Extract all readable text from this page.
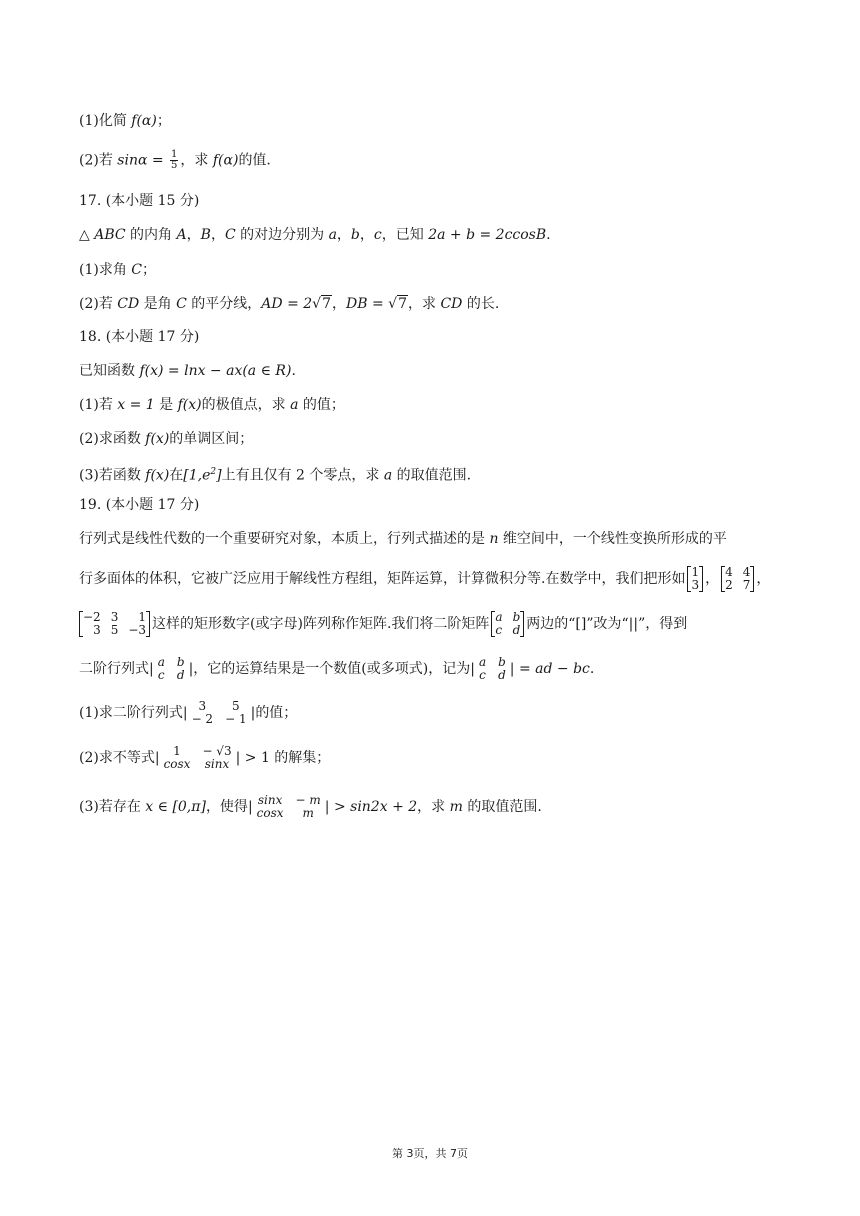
(1)化简 f(α)；
(2)若 $\sin\alpha = \frac{1}{5}$ ，求 f(α)的值.
17. (本小题 15 分)
△ ABC 的内角 A，B，C 的对边分别为 a，b，c，已知 2a + b = 2ccosB.
(1)求角 C；
(2)若 CD 是角 C 的平分线，AD = 2√7，DB = √7，求 CD 的长.
18. (本小题 17 分)
已知函数 f(x) = lnx − ax(a ∈ R).
(1)若 x = 1 是 f(x)的极值点，求 a 的值；
(2)求函数 f(x)的单调区间；
(3)若函数 f(x)在$[1,e^2]$上有且仅有 2 个零点，求 a 的取值范围.
19. (本小题 17 分)
行列式是线性代数的一个重要研究对象，本质上，行列式描述的是 n 维空间中，一个线性变换所形成的平
行多面体的体积，它被广泛应用于解线性方程组，矩阵运算，计算微积分等.在数学中，我们把形如 1
3 ， 4 4
2 7 ，
−2 3	1
3 5 −3 这样的矩形数字(或字母)阵列称作矩阵.我们将二阶矩阵 a b
c d 两边的“[]”改为“||”，得到
二阶行列式| a b
c d |，它的运算结果是一个数值(或多项式)，记为| a b
c d | = ad − bc.
(1)求二阶行列式| 3	5
− 2 − 1 |的值；
(2)求不等式|	1	− √3
cosx sinx | > 1 的解集；
(3)若存在 x ∈ [0,π]，使得| sinx − m
cosx	m | > sin2x + 2，求 m 的取值范围.
第 3页，共 7页
